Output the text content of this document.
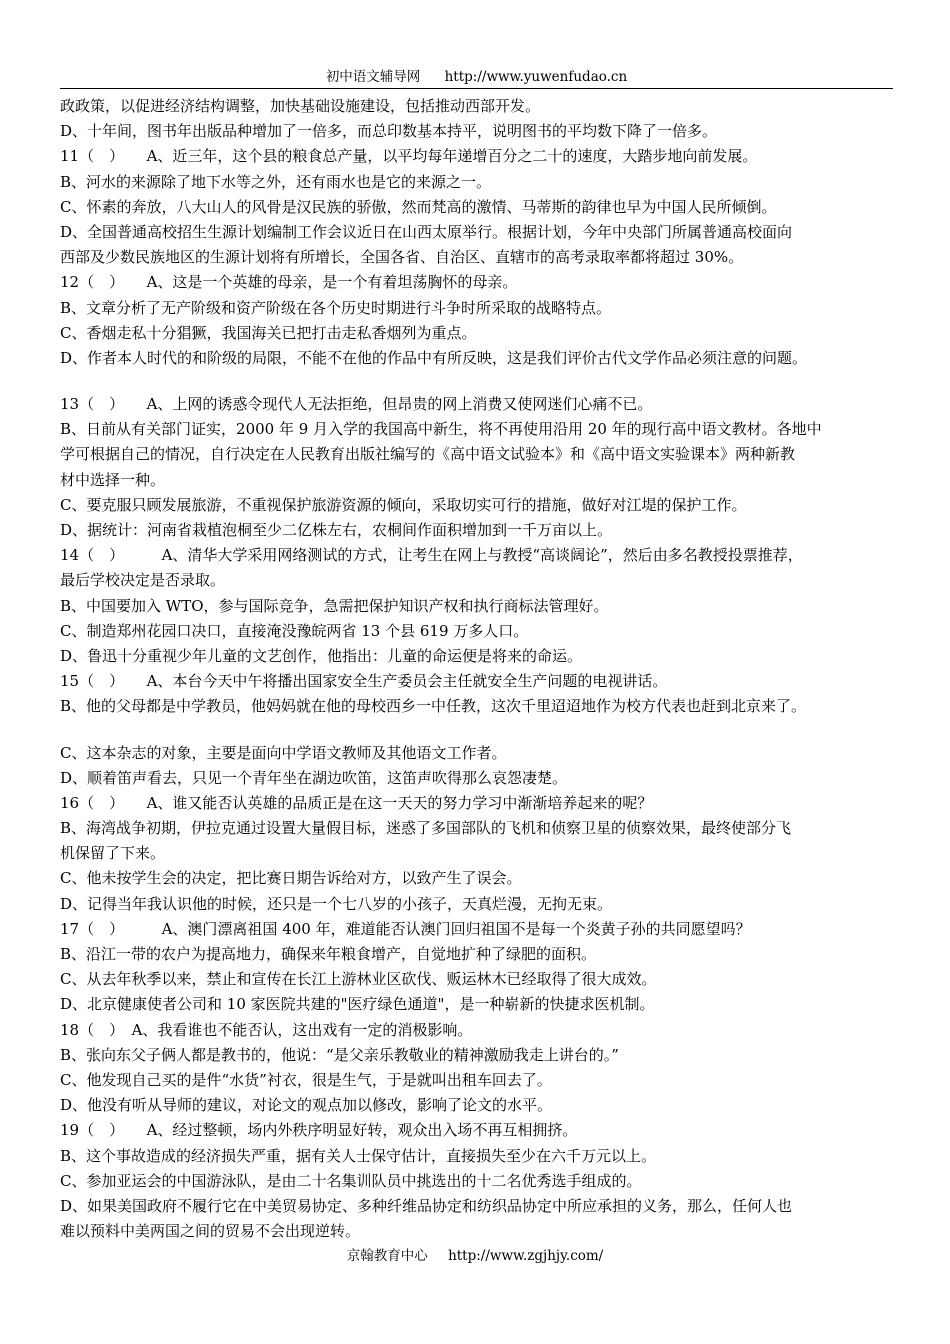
初中语文辅导网 http://www.yuwenfudao.cn
政政策，以促进经济结构调整，加快基础设施建设，包括推动西部开发。
D、十年间，图书年出版品种增加了一倍多，而总印数基本持平，说明图书的平均数下降了一倍多。
11（　）　　A、近三年，这个县的粮食总产量，以平均每年递增百分之二十的速度，大踏步地向前发展。
B、河水的来源除了地下水等之外，还有雨水也是它的来源之一。
C、怀素的奔放，八大山人的风骨是汉民族的骄傲，然而梵高的激情、马蒂斯的韵律也早为中国人民所倾倒。
D、全国普通高校招生生源计划编制工作会议近日在山西太原举行。根据计划，今年中央部门所属普通高校面向
西部及少数民族地区的生源计划将有所增长，全国各省、自治区、直辖市的高考录取率都将超过 30%。
12（　）　　A、这是一个英雄的母亲，是一个有着坦荡胸怀的母亲。
B、文章分析了无产阶级和资产阶级在各个历史时期进行斗争时所采取的战略特点。
C、香烟走私十分猖獗，我国海关已把打击走私香烟列为重点。
D、作者本人时代的和阶级的局限，不能不在他的作品中有所反映，这是我们评价古代文学作品必须注意的问题。
13（　）　　A、上网的诱惑令现代人无法拒绝，但昂贵的网上消费又使网迷们心痛不已。
B、日前从有关部门证实，2000 年 9 月入学的我国高中新生，将不再使用沿用 20 年的现行高中语文教材。各地中
学可根据自己的情况，自行决定在人民教育出版社编写的《高中语文试验本》和《高中语文实验课本》两种新教
材中选择一种。
C、要克服只顾发展旅游，不重视保护旅游资源的倾向，采取切实可行的措施，做好对江堤的保护工作。
D、据统计：河南省栽植泡桐至少二亿株左右，农桐间作面积增加到一千万亩以上。
14（　）　　　A、清华大学采用网络测试的方式，让考生在网上与教授“高谈阔论”，然后由多名教授投票推荐，
最后学校决定是否录取。
B、中国要加入 WTO，参与国际竞争，急需把保护知识产权和执行商标法管理好。
C、制造郑州花园口决口，直接淹没豫皖两省 13 个县 619 万多人口。
D、鲁迅十分重视少年儿童的文艺创作，他指出：儿童的命运便是将来的命运。
15（　）　　A、本台今天中午将播出国家安全生产委员会主任就安全生产问题的电视讲话。
B、他的父母都是中学教员，他妈妈就在他的母校西乡一中任教，这次千里迢迢地作为校方代表也赶到北京来了。
C、这本杂志的对象，主要是面向中学语文教师及其他语文工作者。
D、顺着笛声看去，只见一个青年坐在湖边吹笛，这笛声吹得那么哀怨凄楚。
16（　）　　A、谁又能否认英雄的品质正是在这一天天的努力学习中渐渐培养起来的呢？
B、海湾战争初期，伊拉克通过设置大量假目标，迷惑了多国部队的飞机和侦察卫星的侦察效果，最终使部分飞
机保留了下来。
C、他未按学生会的决定，把比赛日期告诉给对方，以致产生了误会。
D、记得当年我认识他的时候，还只是一个七八岁的小孩子，天真烂漫，无拘无束。
17（　）　　　A、澳门漂离祖国 400 年，难道能否认澳门回归祖国不是每一个炎黄子孙的共同愿望吗？
B、沿江一带的农户为提高地力，确保来年粮食增产，自觉地扩种了绿肥的面积。
C、从去年秋季以来，禁止和宣传在长江上游林业区砍伐、贩运林木已经取得了很大成效。
D、北京健康使者公司和 10 家医院共建的"医疗绿色通道"，是一种崭新的快捷求医机制。
18（　）　A、我看谁也不能否认，这出戏有一定的消极影响。
B、张向东父子俩人都是教书的，他说：“是父亲乐教敬业的精神激励我走上讲台的。”
C、他发现自己买的是件“水货”衬衣，很是生气，于是就叫出租车回去了。
D、他没有听从导师的建议，对论文的观点加以修改，影响了论文的水平。
19（　）　　A、经过整顿，场内外秩序明显好转，观众出入场不再互相拥挤。
B、这个事故造成的经济损失严重，据有关人士保守估计，直接损失至少在六千万元以上。
C、参加亚运会的中国游泳队，是由二十名集训队员中挑选出的十二名优秀选手组成的。
D、如果美国政府不履行它在中美贸易协定、多种纤维品协定和纺织品协定中所应承担的义务，那么，任何人也
难以预料中美两国之间的贸易不会出现逆转。
京翰教育中心 http://www.zgjhjy.com/
